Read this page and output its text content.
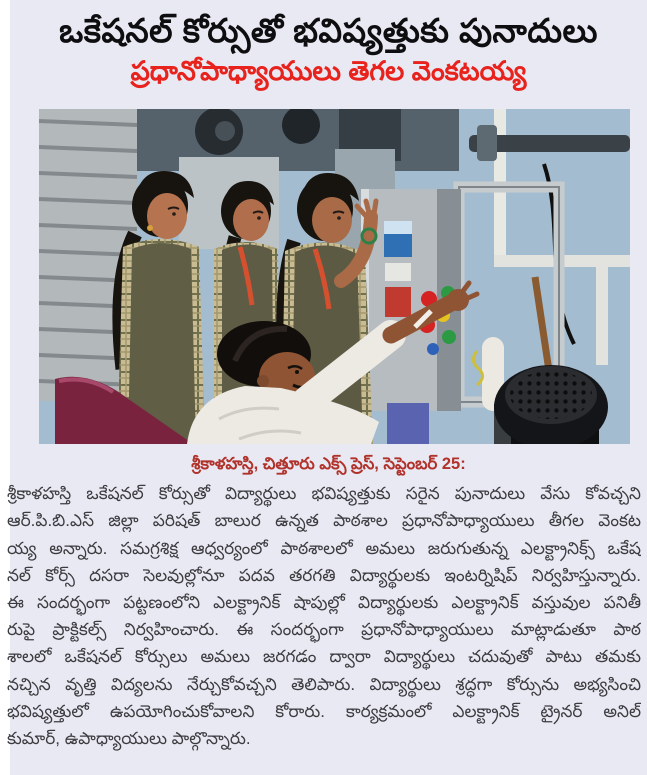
ఒకేషనల్ కోర్సుతో భవిష్యత్తుకు పునాదులు
ప్రధానోపాధ్యాయులు తెగల వెంకటయ్య
శ్రీకాళహస్తి, చిత్తూరు ఎక్స్ ప్రెస్, సెప్టెంబర్ 25:
శ్రీకాళహస్తి ఒకేషనల్ కోర్సుతో విద్యార్థులు భవిష్యత్తుకు సరైన పునాదులు వేసు కోవచ్చని
ఆర్.పి.బి.ఎస్ జిల్లా పరిషత్ బాలుర ఉన్నత పాఠశాల ప్రధానోపాధ్యాయులు తీగల వెంకట
య్య అన్నారు. సమగ్రశిక్ష ఆధ్వర్యంలో పాఠశాలలో అమలు జరుగుతున్న ఎలక్ట్రానిక్స్ ఒకేష
నల్ కోర్స్ దసరా సెలవుల్లోనూ పదవ తరగతి విద్యార్థులకు ఇంటర్నిషిప్ నిర్వహిస్తున్నారు.
ఈ సందర్భంగా పట్టణంలోని ఎలక్ట్రానిక్ షాపుల్లో విద్యార్థులకు ఎలక్ట్రానిక్ వస్తువుల పనితీ
రుపై ప్రాక్టికల్స్ నిర్వహించారు. ఈ సందర్భంగా ప్రధానోపాధ్యాయులు మాట్లాడుతూ పాఠ
శాలలో ఒకేషనల్ కోర్సులు అమలు జరగడం ద్వారా విద్యార్థులు చదువుతో పాటు తమకు
నచ్చిన వృత్తి విద్యలను నేర్చుకోవచ్చని తెలిపారు. విద్యార్థులు శ్రద్ధగా కోర్సును అభ్యసించి
భవిష్యత్తులో ఉపయోగించుకోవాలని కోరారు. కార్యక్రమంలో ఎలక్ట్రానిక్ ట్రైనర్ అనిల్
కుమార్, ఉపాధ్యాయులు పాల్గొన్నారు.
